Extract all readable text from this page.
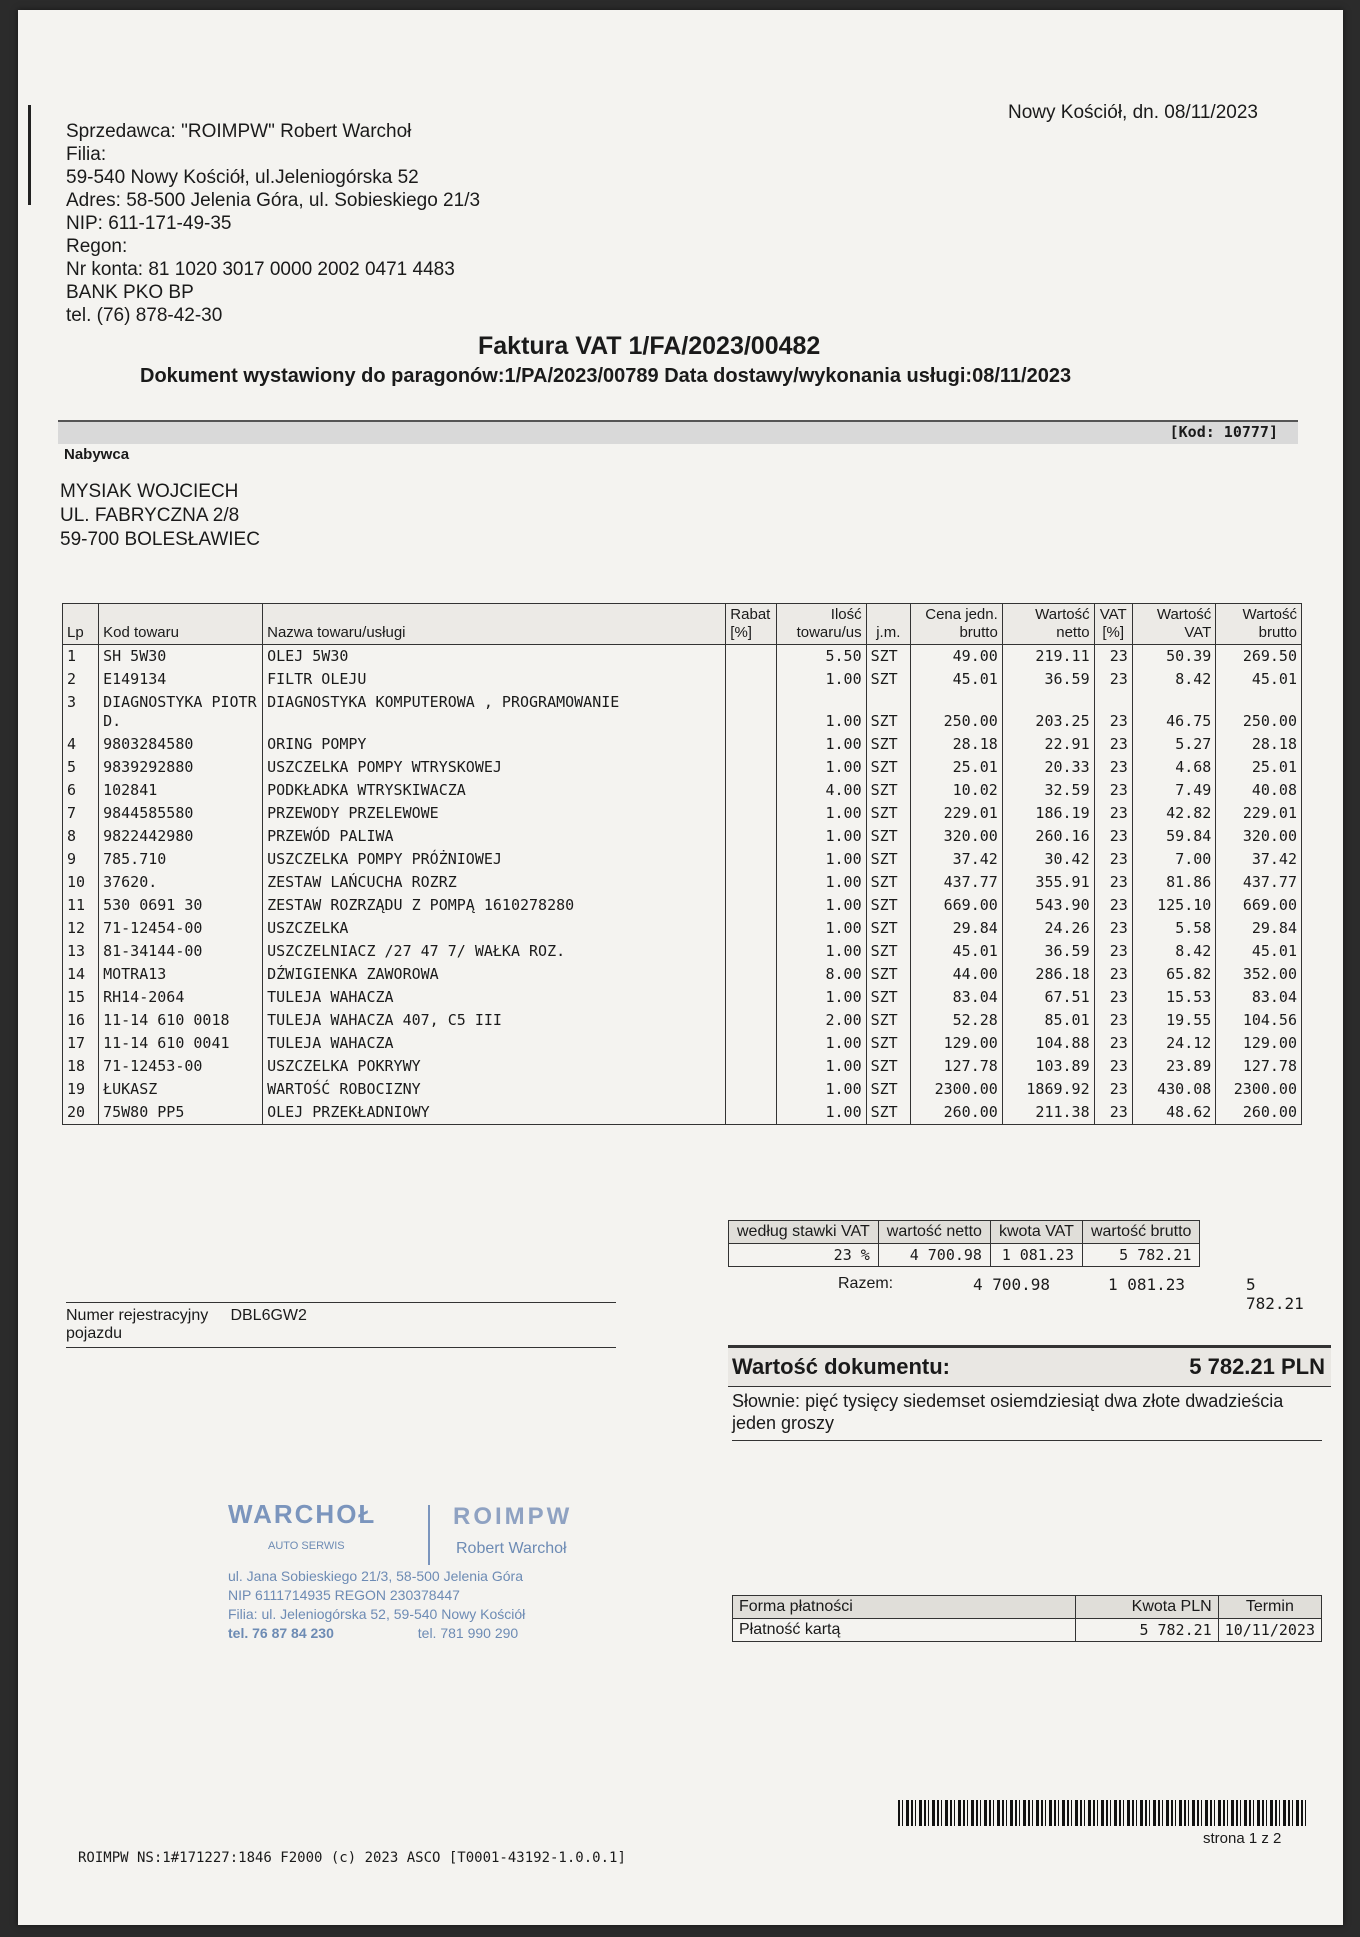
Sprzedawca: "ROIMPW" Robert Warchoł
Filia:
59-540 Nowy Kościół, ul.Jeleniogórska 52
Adres: 58-500 Jelenia Góra, ul. Sobieskiego 21/3
NIP: 611-171-49-35
Regon:
Nr konta: 81 1020 3017 0000 2002 0471 4483
BANK PKO BP
tel. (76) 878-42-30
Nowy Kościół, dn. 08/11/2023
Faktura VAT 1/FA/2023/00482
Dokument wystawiony do paragonów:1/PA/2023/00789 Data dostawy/wykonania usługi:08/11/2023
[Kod: 10777]
Nabywca
MYSIAK WOJCIECH
UL. FABRYCZNA 2/8
59-700 BOLESŁAWIEC
Lp	Kod towaru	Nazwa towaru/usługi	Rabat [%]	Ilość towaru/us	j.m.	Cena jedn. brutto	Wartość netto	VAT [%]	Wartość VAT	Wartość brutto
1	SH 5W30	OLEJ 5W30		5.50	SZT	49.00	219.11	23	50.39	269.50
2	E149134	FILTR OLEJU		1.00	SZT	45.01	36.59	23	8.42	45.01
3	DIAGNOSTYKA PIOTR D.	DIAGNOSTYKA KOMPUTEROWA , PROGRAMOWANIE		1.00	SZT	250.00	203.25	23	46.75	250.00
4	9803284580	ORING POMPY		1.00	SZT	28.18	22.91	23	5.27	28.18
5	9839292880	USZCZELKA POMPY WTRYSKOWEJ		1.00	SZT	25.01	20.33	23	4.68	25.01
6	102841	PODKŁADKA WTRYSKIWACZA		4.00	SZT	10.02	32.59	23	7.49	40.08
7	9844585580	PRZEWODY PRZELEWOWE		1.00	SZT	229.01	186.19	23	42.82	229.01
8	9822442980	PRZEWÓD PALIWA		1.00	SZT	320.00	260.16	23	59.84	320.00
9	785.710	USZCZELKA POMPY PRÓŻNIOWEJ		1.00	SZT	37.42	30.42	23	7.00	37.42
10	37620.	ZESTAW LAŃCUCHA ROZRZ		1.00	SZT	437.77	355.91	23	81.86	437.77
11	530 0691 30	ZESTAW ROZRZĄDU Z POMPĄ 1610278280		1.00	SZT	669.00	543.90	23	125.10	669.00
12	71-12454-00	USZCZELKA		1.00	SZT	29.84	24.26	23	5.58	29.84
13	81-34144-00	USZCZELNIACZ /27 47 7/ WAŁKA ROZ.		1.00	SZT	45.01	36.59	23	8.42	45.01
14	MOTRA13	DŹWIGIENKA ZAWOROWA		8.00	SZT	44.00	286.18	23	65.82	352.00
15	RH14-2064	TULEJA WAHACZA		1.00	SZT	83.04	67.51	23	15.53	83.04
16	11-14 610 0018	TULEJA WAHACZA 407, C5 III		2.00	SZT	52.28	85.01	23	19.55	104.56
17	11-14 610 0041	TULEJA WAHACZA		1.00	SZT	129.00	104.88	23	24.12	129.00
18	71-12453-00	USZCZELKA POKRYWY		1.00	SZT	127.78	103.89	23	23.89	127.78
19	ŁUKASZ	WARTOŚĆ ROBOCIZNY		1.00	SZT	2300.00	1869.92	23	430.08	2300.00
20	75W80 PP5	OLEJ PRZEKŁADNIOWY		1.00	SZT	260.00	211.38	23	48.62	260.00
według stawki VAT	wartość netto	kwota VAT	wartość brutto
23 %	4 700.98	1 081.23	5 782.21
Razem:	4 700.98	1 081.23	5 782.21
Numer rejestracyjny pojazdu DBL6GW2
Wartość dokumentu:	5 782.21 PLN
Słownie: pięć tysięcy siedemset osiemdziesiąt dwa złote dwadzieścia jeden groszy
WARCHOŁ
AUTO SERWIS
ROIMPW
Robert Warchoł
ul. Jana Sobieskiego 21/3, 58-500 Jelenia Góra
NIP 6111714935 REGON 230378447
Filia: ul. Jeleniogórska 52, 59-540 Nowy Kościół
tel. 76 87 84 230	tel. 781 990 290
Forma płatności	Kwota PLN	Termin
Płatność kartą	5 782.21	10/11/2023
strona 1 z 2
ROIMPW NS:1#171227:1846 F2000 (c) 2023 ASCO [T0001-43192-1.0.0.1]
